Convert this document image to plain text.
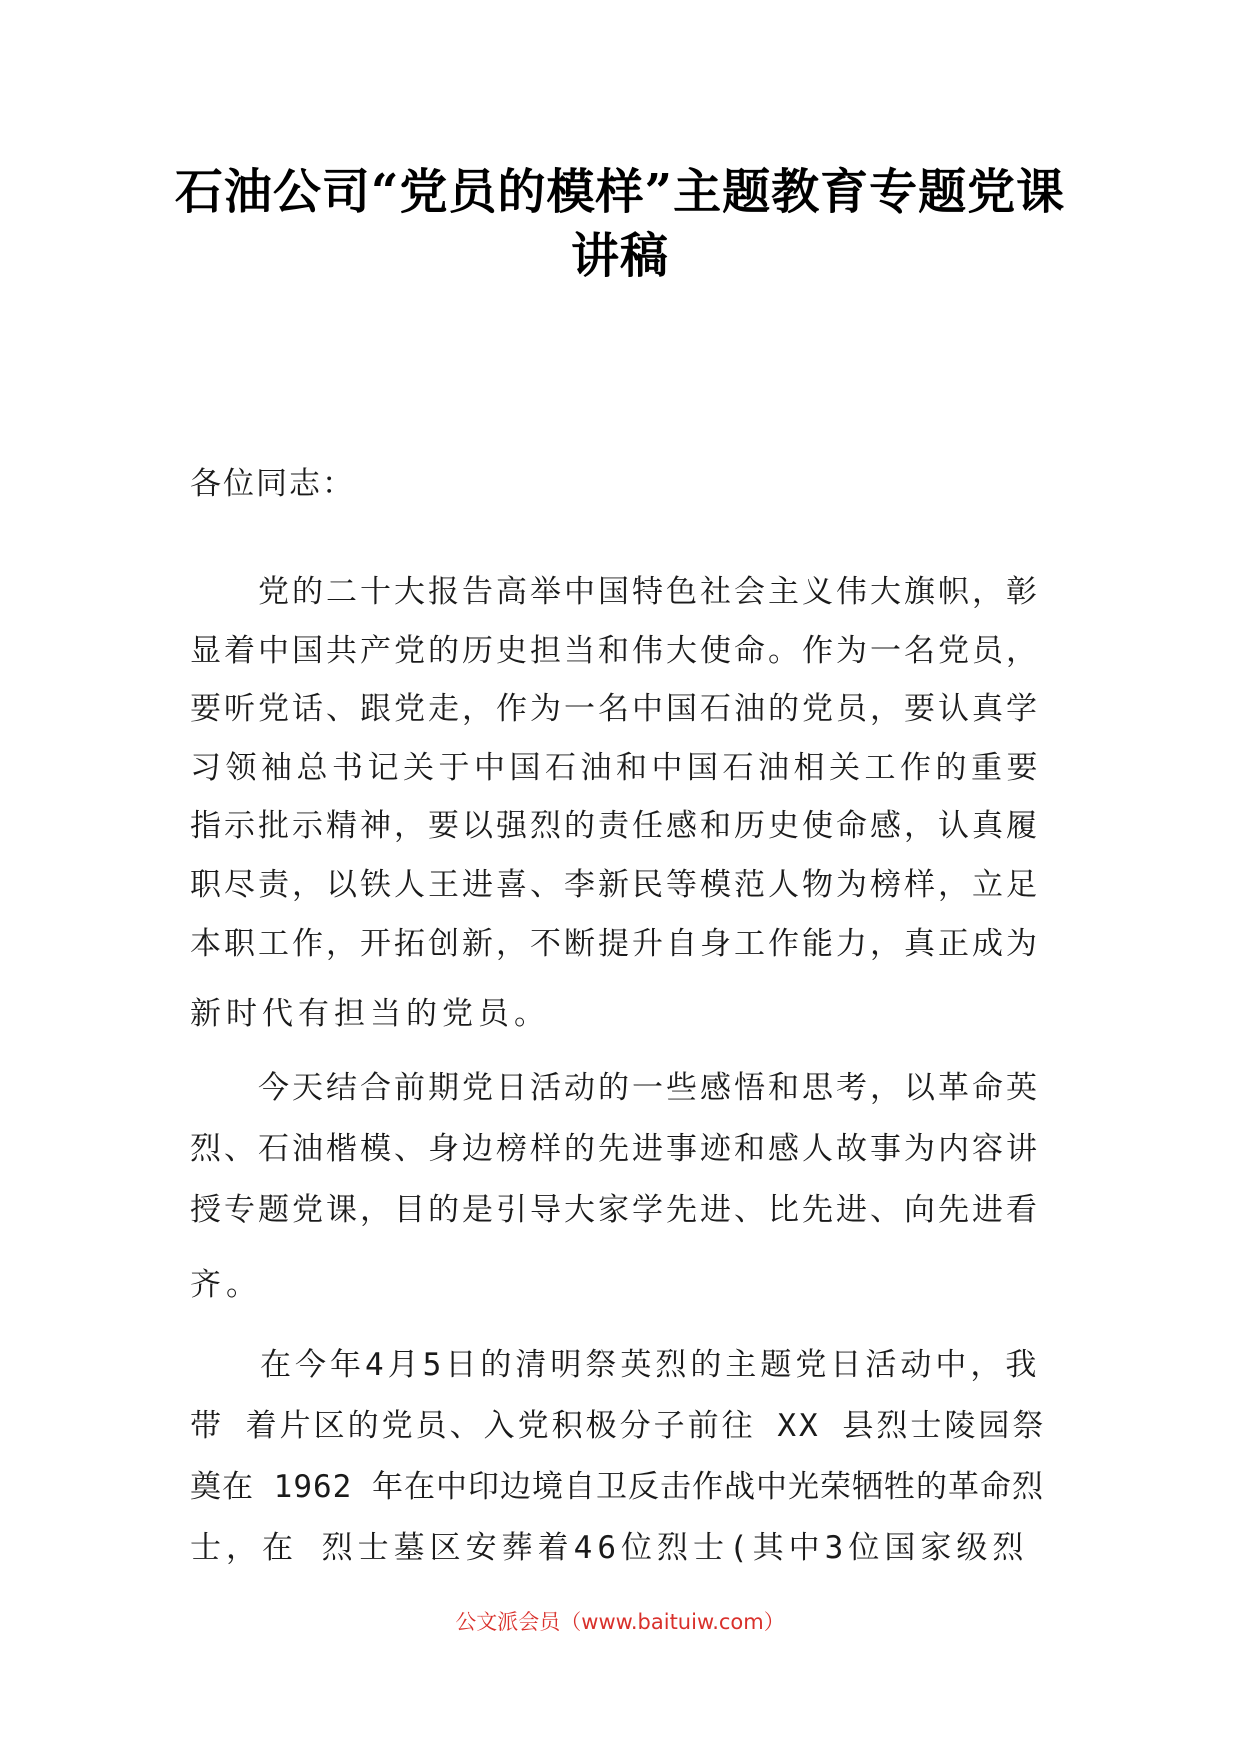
石油公司“党员的模样”主题教育专题党课
讲稿

各位同志：

　　党的二十大报告高举中国特色社会主义伟大旗帜，彰

显着中国共产党的历史担当和伟大使命。作为一名党员，

要听党话、跟党走，作为一名中国石油的党员，要认真学

习领袖总书记关于中国石油和中国石油相关工作的重要

指示批示精神，要以强烈的责任感和历史使命感，认真履

职尽责，以铁人王进喜、李新民等模范人物为榜样，立足

本职工作，开拓创新，不断提升自身工作能力，真正成为

新时代有担当的党员。

　　今天结合前期党日活动的一些感悟和思考，以革命英

烈、石油楷模、身边榜样的先进事迹和感人故事为内容讲

授专题党课，目的是引导大家学先进、比先进、向先进看

齐。

　　在今年4月5日的清明祭英烈的主题党日活动中，我

带 着片区的党员、入党积极分子前往 XX 县烈士陵园祭

奠在 1962 年在中印边境自卫反击作战中光荣牺牲的革命烈

士，在 烈士墓区安葬着46位烈士(其中3位国家级烈

公文派会员（www.baituiw.com）
